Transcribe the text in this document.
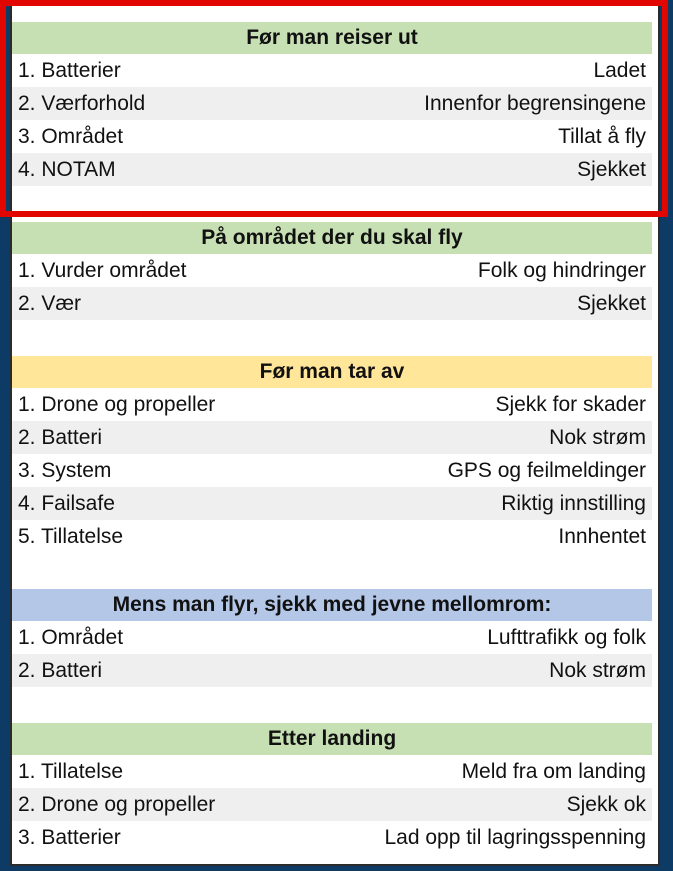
Før man reiser ut
1. Batterier	Ladet
2. Værforhold	Innenfor begrensingene
3. Området	Tillat å fly
4. NOTAM	Sjekket
På området der du skal fly
1. Vurder området	Folk og hindringer
2. Vær	Sjekket
Før man tar av
1. Drone og propeller	Sjekk for skader
2. Batteri	Nok strøm
3. System	GPS og feilmeldinger
4. Failsafe	Riktig innstilling
5. Tillatelse	Innhentet
Mens man flyr, sjekk med jevne mellomrom:
1. Området	Lufttrafikk og folk
2. Batteri	Nok strøm
Etter landing
1. Tillatelse	Meld fra om landing
2. Drone og propeller	Sjekk ok
3. Batterier	Lad opp til lagringsspenning
